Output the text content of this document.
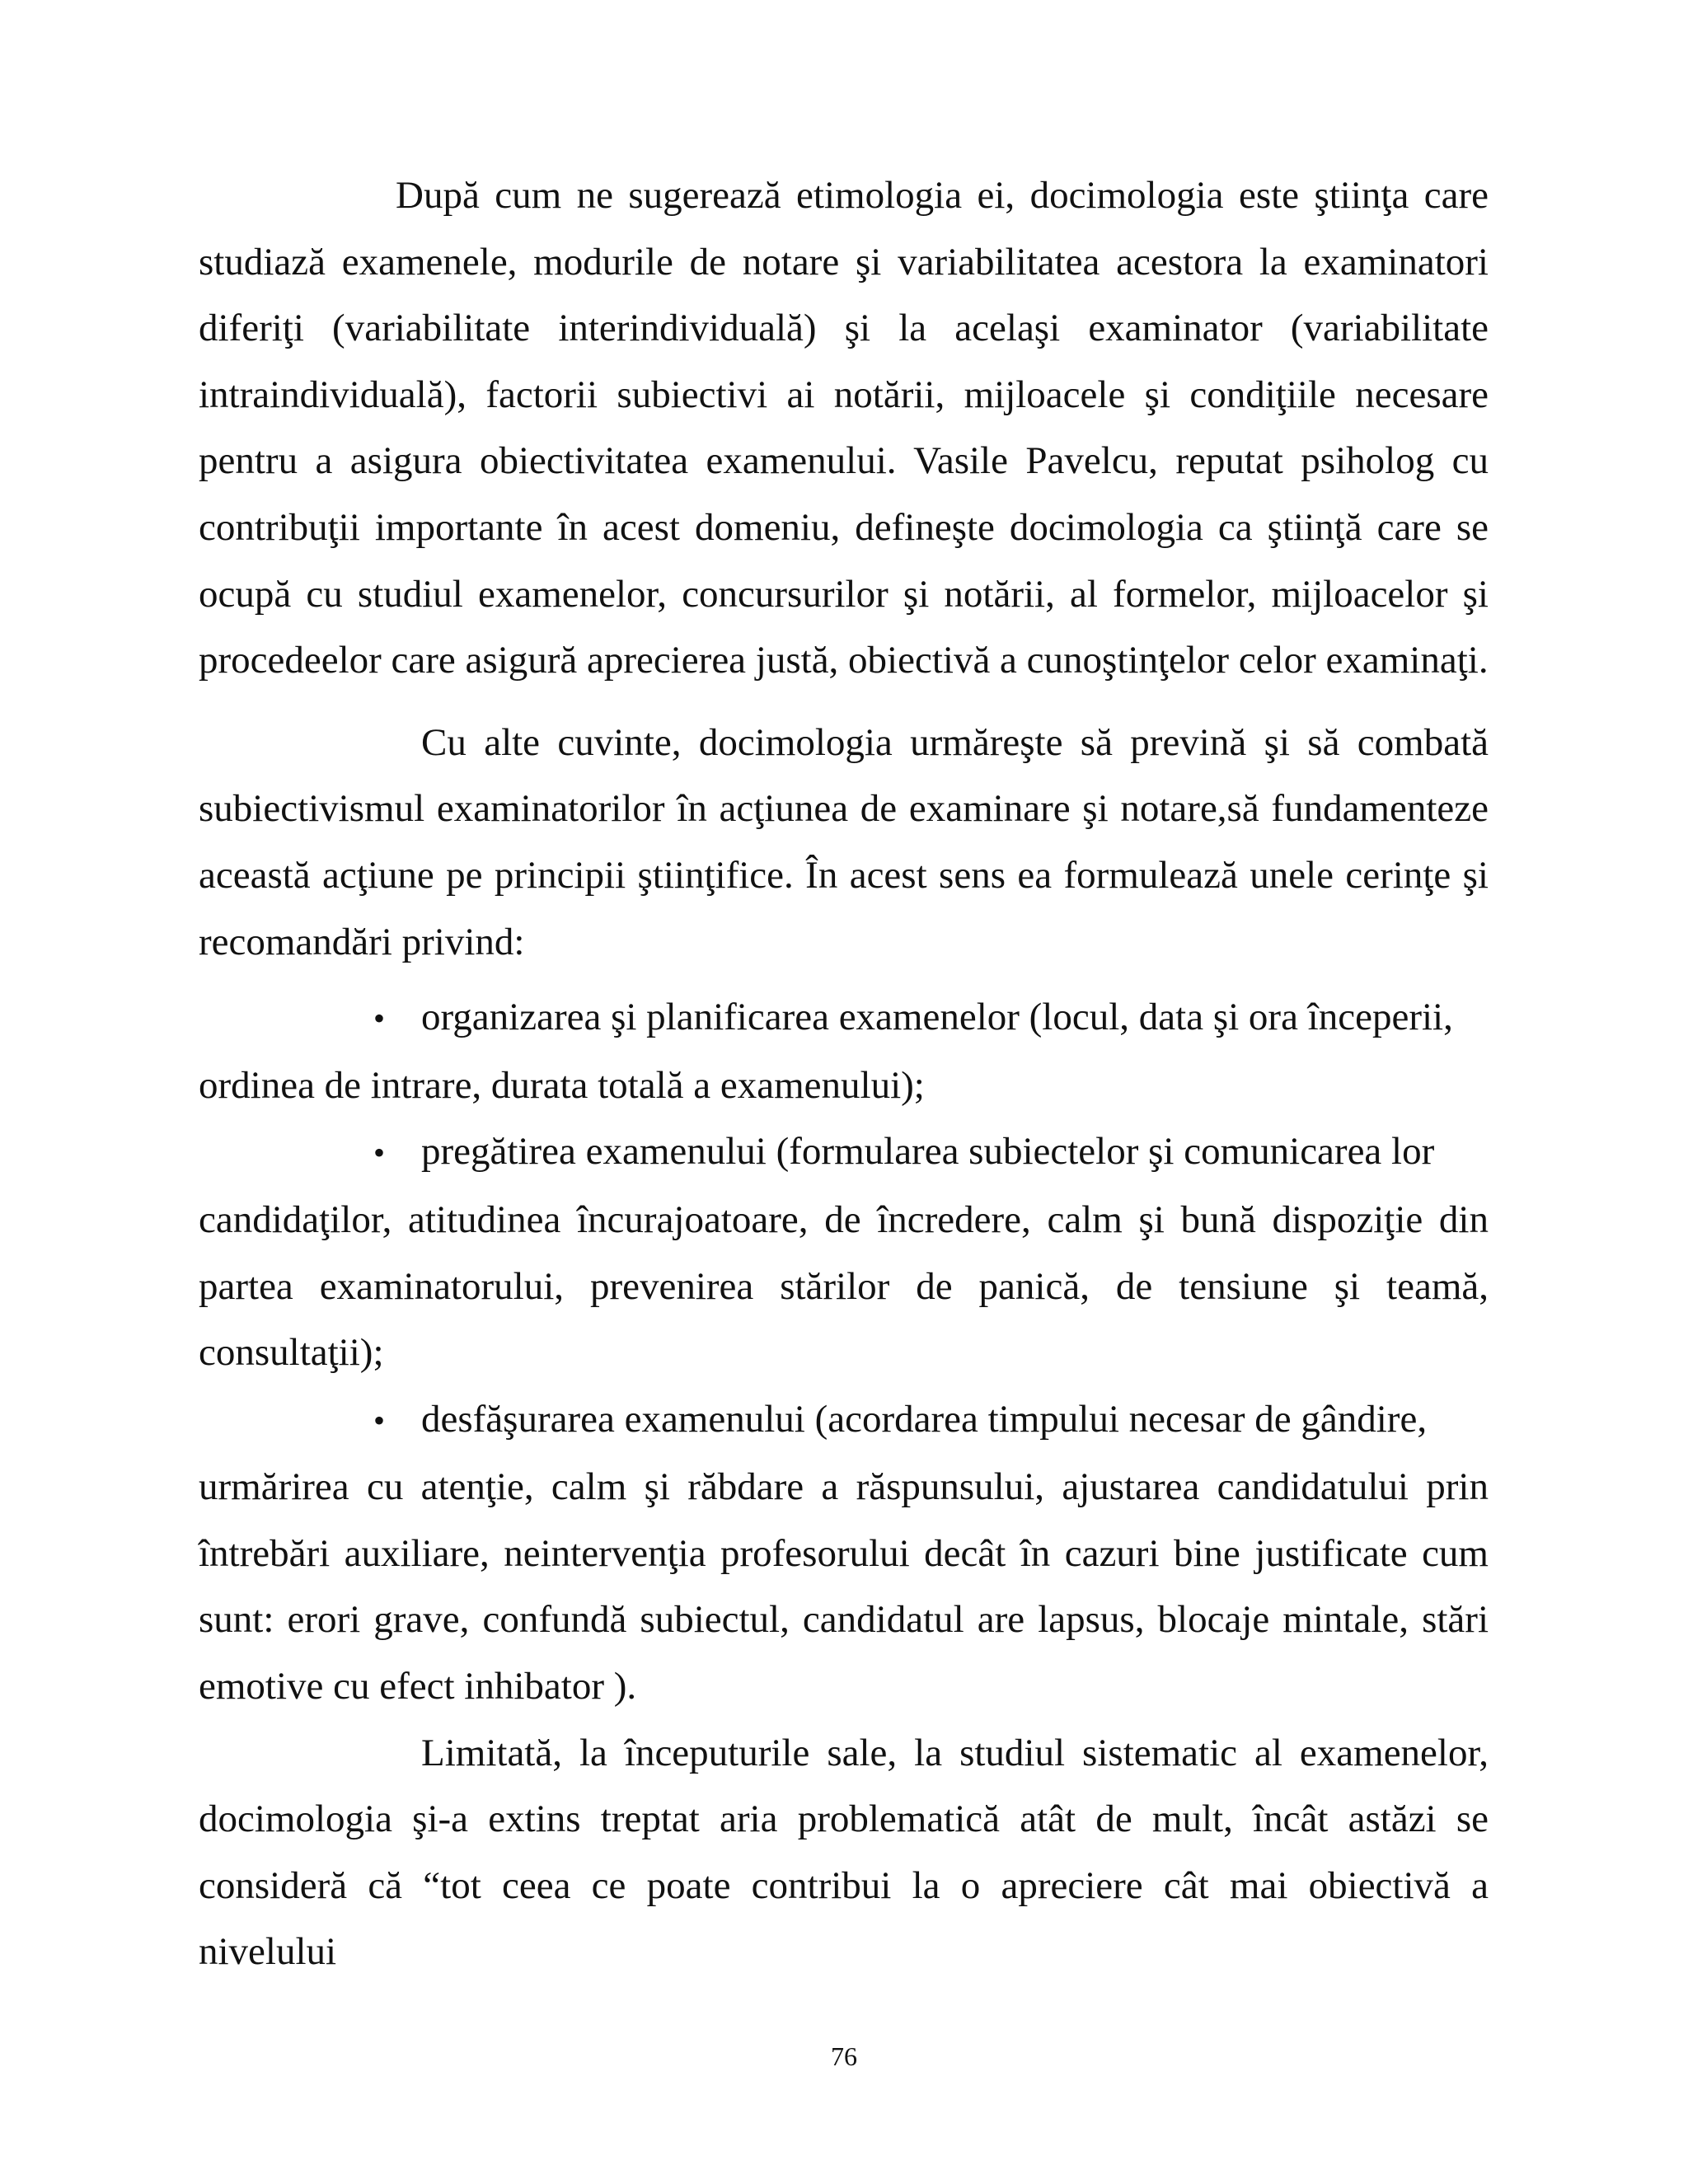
După cum ne sugerează etimologia ei, docimologia este ştiinţa care studiază examenele, modurile de notare şi variabilitatea acestora la examinatori diferiţi (variabilitate interindividuală) şi la acelaşi examinator (variabilitate intraindividuală), factorii subiectivi ai notării, mijloacele şi condiţiile necesare pentru a asigura obiectivitatea examenului. Vasile Pavelcu, reputat psiholog cu contribuţii importante în acest domeniu, defineşte docimologia ca ştiinţă care se ocupă cu studiul examenelor, concursurilor şi notării, al formelor, mijloacelor şi procedeelor care asigură aprecierea justă, obiectivă a cunoştinţelor celor examinaţi.

Cu alte cuvinte, docimologia urmăreşte să prevină şi să combată subiectivismul examinatorilor în acţiunea de examinare şi notare,să fundamenteze această acţiune pe principii ştiinţifice. În acest sens ea formulează unele cerinţe şi recomandări privind:

• organizarea şi planificarea examenelor (locul, data şi ora începerii,

ordinea de intrare, durata totală a examenului);

• pregătirea examenului (formularea subiectelor şi comunicarea lor

candidaţilor, atitudinea încurajoatoare, de încredere, calm şi bună dispoziţie din partea examinatorului, prevenirea stărilor de panică, de tensiune şi teamă, consultaţii);

• desfăşurarea examenului (acordarea timpului necesar de gândire,

urmărirea cu atenţie, calm şi răbdare a răspunsului, ajustarea candidatului prin întrebări auxiliare, neintervenţia profesorului decât în cazuri bine justificate cum sunt: erori grave, confundă subiectul, candidatul are lapsus, blocaje mintale, stări emotive cu efect inhibator ).

Limitată, la începuturile sale, la studiul sistematic al examenelor, docimologia şi-a extins treptat aria problematică atât de mult, încât astăzi se consideră că “tot ceea ce poate contribui la o apreciere cât mai obiectivă a nivelului

76
